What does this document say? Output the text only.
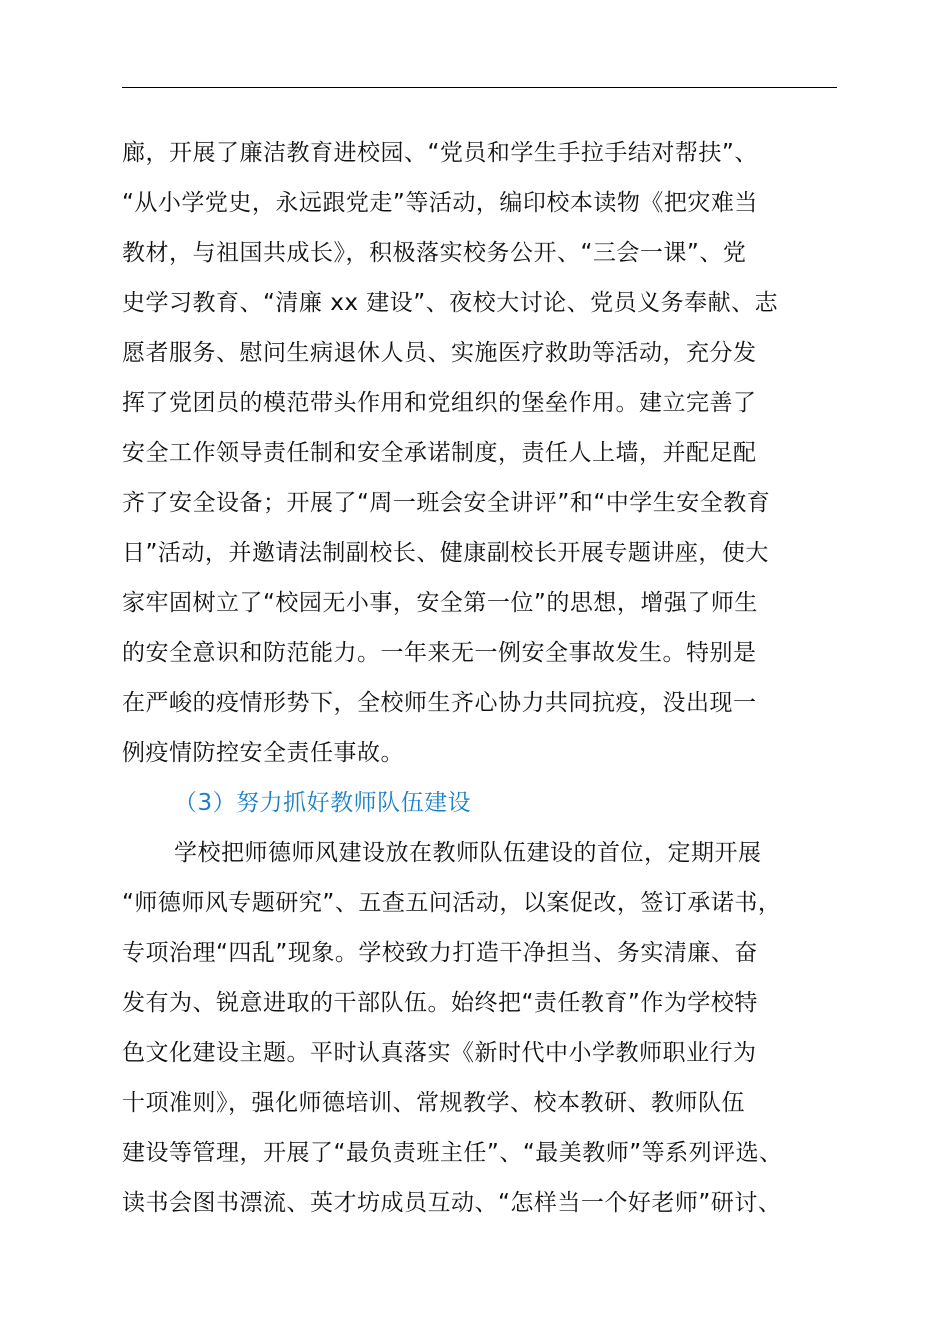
廊，开展了廉洁教育进校园、“党员和学生手拉手结对帮扶”、
“从小学党史，永远跟党走”等活动，编印校本读物《把灾难当
教材，与祖国共成长》，积极落实校务公开、“三会一课”、党
史学习教育、“清廉 xx 建设”、夜校大讨论、党员义务奉献、志
愿者服务、慰问生病退休人员、实施医疗救助等活动，充分发
挥了党团员的模范带头作用和党组织的堡垒作用。建立完善了
安全工作领导责任制和安全承诺制度，责任人上墙，并配足配
齐了安全设备；开展了“周一班会安全讲评”和“中学生安全教育
日”活动，并邀请法制副校长、健康副校长开展专题讲座，使大
家牢固树立了“校园无小事，安全第一位”的思想，增强了师生
的安全意识和防范能力。一年来无一例安全事故发生。特别是
在严峻的疫情形势下，全校师生齐心协力共同抗疫，没出现一
例疫情防控安全责任事故。
（3）努力抓好教师队伍建设
学校把师德师风建设放在教师队伍建设的首位，定期开展
“师德师风专题研究”、五查五问活动，以案促改，签订承诺书，
专项治理“四乱”现象。学校致力打造干净担当、务实清廉、奋
发有为、锐意进取的干部队伍。始终把“责任教育”作为学校特
色文化建设主题。平时认真落实《新时代中小学教师职业行为
十项准则》，强化师德培训、常规教学、校本教研、教师队伍
建设等管理，开展了“最负责班主任”、“最美教师”等系列评选、
读书会图书漂流、英才坊成员互动、“怎样当一个好老师”研讨、
